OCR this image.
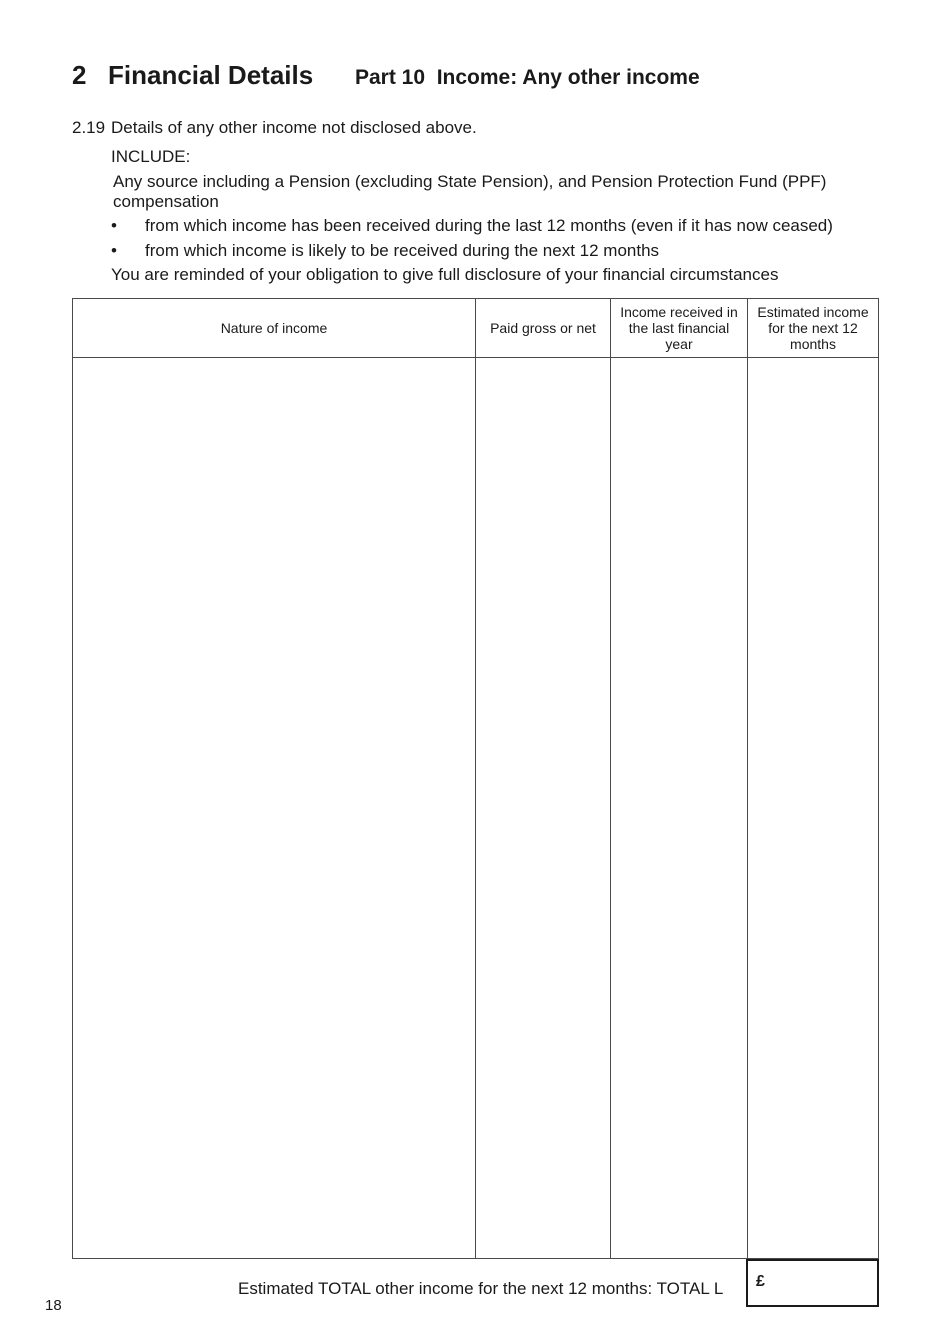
2 Financial Details Part 10  Income: Any other income
2.19 Details of any other income not disclosed above.
INCLUDE:
Any source including a Pension (excluding State Pension), and Pension Protection Fund (PPF) compensation
• from which income has been received during the last 12 months (even if it has now ceased)
• from which income is likely to be received during the next 12 months
You are reminded of your obligation to give full disclosure of your financial circumstances
Nature of income	Paid gross or net	Income received in the last financial year	Estimated income for the next 12 months

Estimated TOTAL other income for the next 12 months: TOTAL L £
18
